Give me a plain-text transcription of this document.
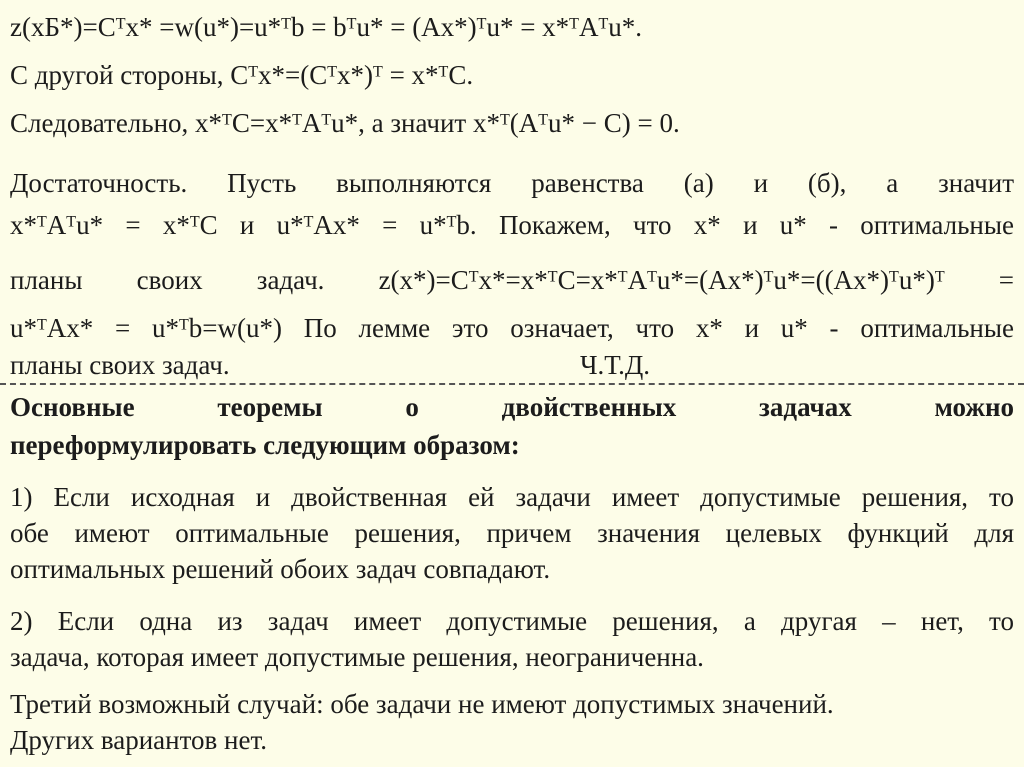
z(xБ*)=Cᵀx* =w(u*)=u*ᵀb = bᵀu* = (Ax*)ᵀu* = x*ᵀAᵀu*.
С другой стороны, Cᵀx*=(Cᵀx*)ᵀ = x*ᵀС.
Следовательно, x*ᵀС=x*ᵀAᵀu*, а значит x*ᵀ(Aᵀu* − C) = 0.
Достаточность. Пусть выполняются равенства (а) и (б), а значит
x*ᵀAᵀu* = x*ᵀС и u*ᵀAx* = u*ᵀb. Покажем, что x* и u* - оптимальные
планы своих задач. z(x*)=Cᵀx*=x*ᵀС=x*ᵀAᵀu*=(Ax*)ᵀu*=((Ax*)ᵀu*)ᵀ =
u*ᵀAx* = u*ᵀb=w(u*) По лемме это означает, что x* и u* - оптимальные
планы своих задач.	Ч.Т.Д.
Основные теоремы о двойственных задачах можно
переформулировать следующим образом:
1) Если исходная и двойственная ей задачи имеет допустимые решения, то
обе имеют оптимальные решения, причем значения целевых функций для
оптимальных решений обоих задач совпадают.
2) Если одна из задач имеет допустимые решения, а другая – нет, то
задача, которая имеет допустимые решения, неограниченна.
Третий возможный случай: обе задачи не имеют допустимых значений.
Других вариантов нет.
